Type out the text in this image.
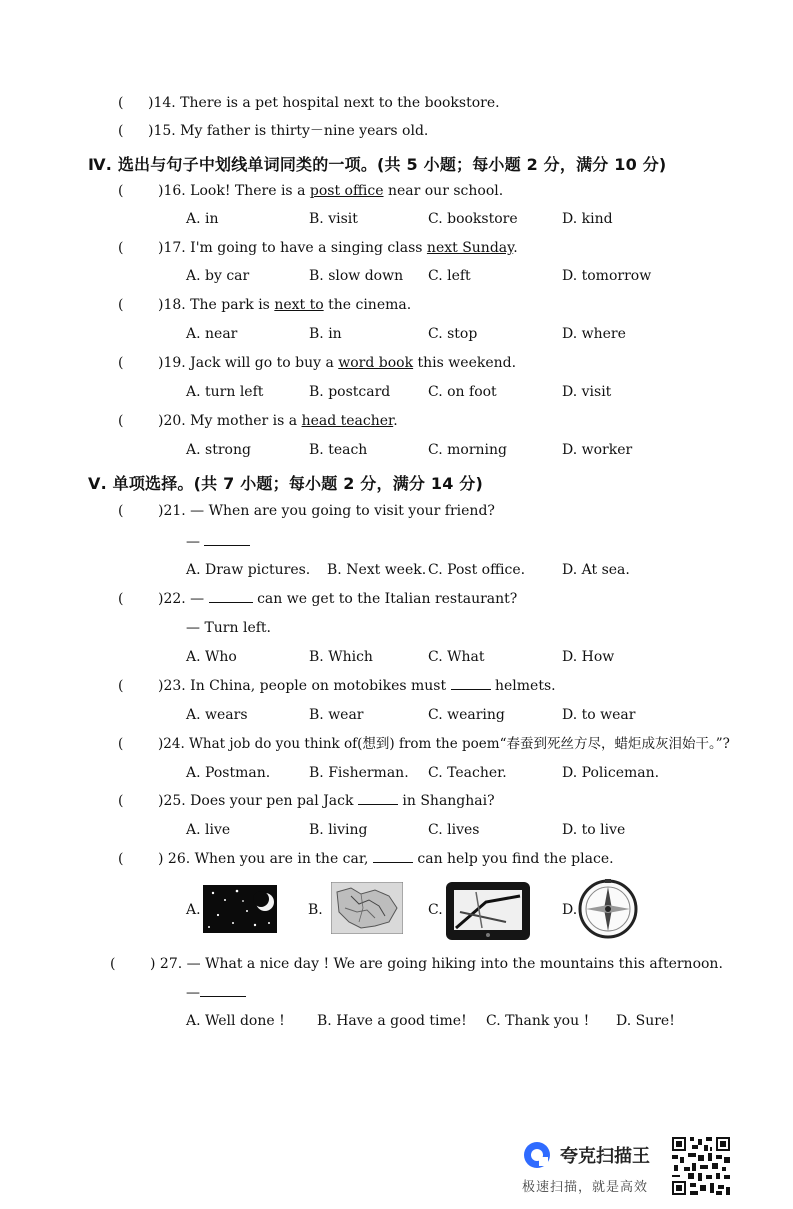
( )14. There is a pet hospital next to the bookstore.
( )15. My father is thirty－nine years old.
Ⅳ. 选出与句子中划线单词同类的一项。(共 5 小题；每小题 2 分，满分 10 分)
( )16. Look! There is a post office near our school.
A. in	B. visit	C. bookstore	D. kind
( )17. I'm going to have a singing class next Sunday.
A. by car	B. slow down C. left	D. tomorrow
( )18. The park is next to the cinema.
A. near	B. in	C. stop	D. where
( )19. Jack will go to buy a word book this weekend.
A. turn left	B. postcard	C. on foot	D. visit
( )20. My mother is a head teacher.
A. strong	B. teach	C. morning	D. worker
Ⅴ. 单项选择。(共 7 小题；每小题 2 分，满分 14 分)
( )21. — When are you going to visit your friend?
—
A. Draw pictures. B. Next week. C. Post office.	D. At sea.
( )22. —	can we get to the Italian restaurant?
— Turn left.
A. Who	B. Which	C. What	D. How
( )23. In China, people on motobikes must	helmets.
A. wears	B. wear	C. wearing	D. to wear
(	)24. What job do you think of(想到) from the poem“春蚕到死丝方尽，蜡炬成灰泪始干。”?
A. Postman.	B. Fisherman. C. Teacher.	D. Policeman.
( )25. Does your pen pal Jack	in Shanghai?
A. live	B. living	C. lives	D. to live
( ) 26. When you are in the car,	can help you find the place.
A.	B.	C.	D.
( ) 27. — What a nice day ! We are going hiking into the mountains this afternoon.
—
A. Well done ! B. Have a good time! C. Thank you ! D. Sure!
夸克扫描王
极速扫描，就是高效
